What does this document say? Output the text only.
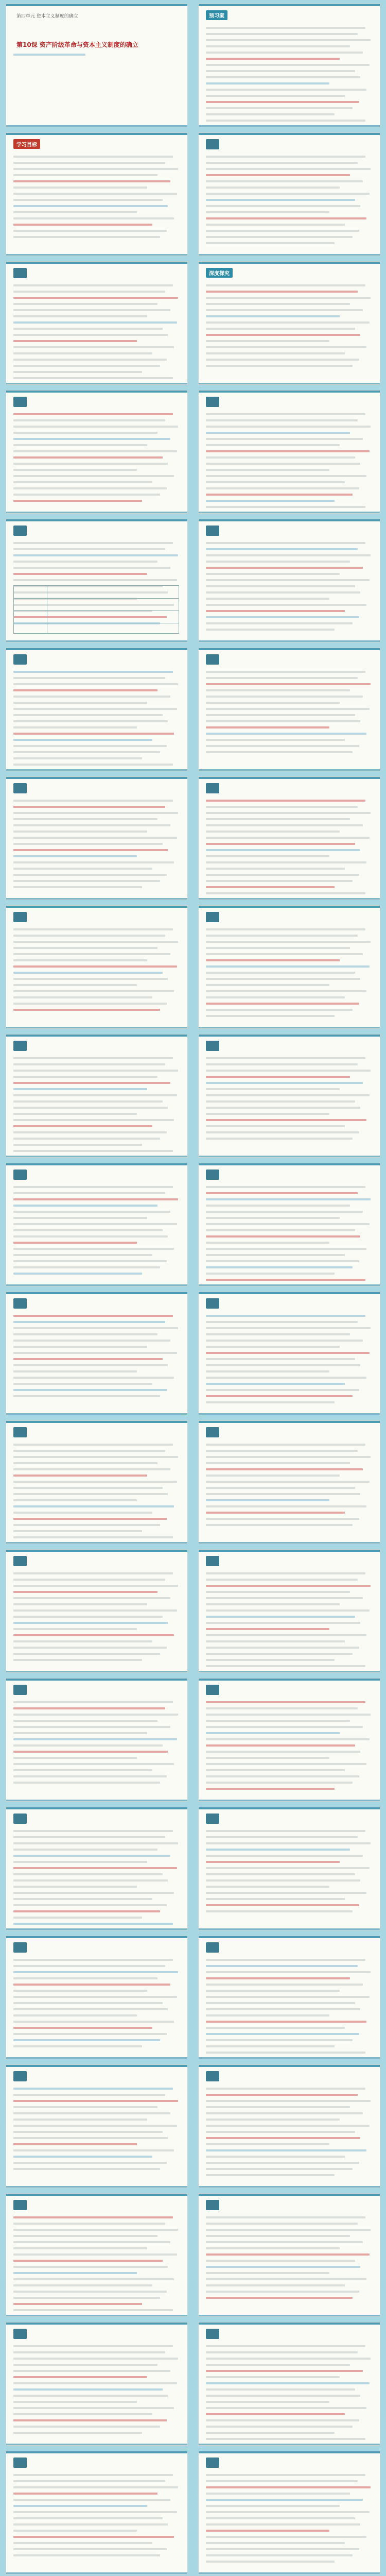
第四单元 资本主义制度的确立
第10课 资产阶级革命与资本主义制度的确立
预习案
学习目标
深度探究
